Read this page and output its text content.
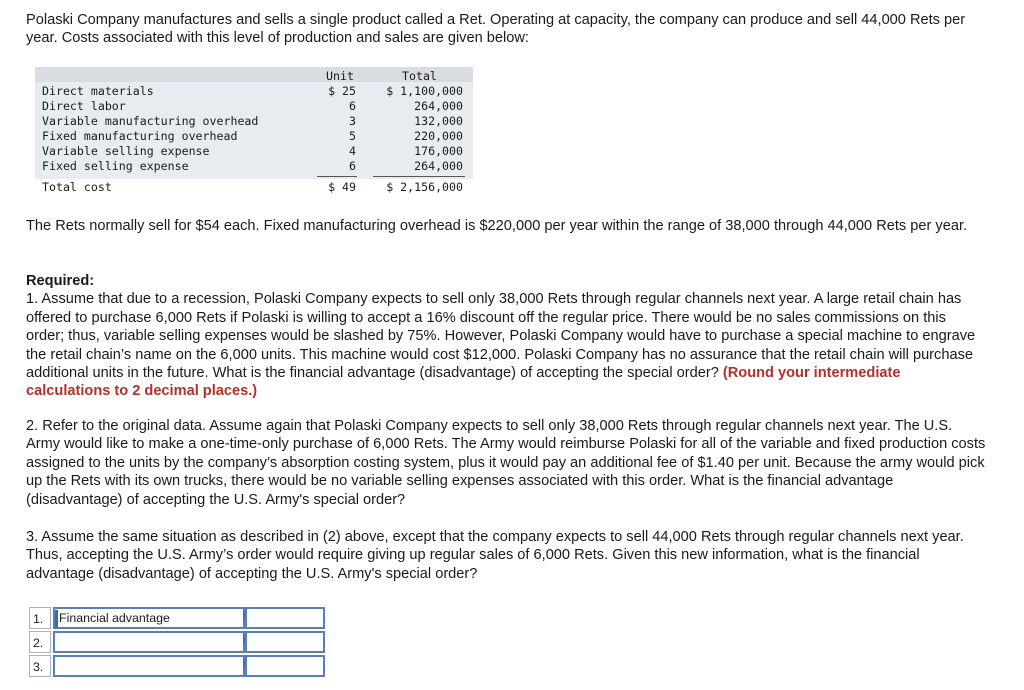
Polaski Company manufactures and sells a single product called a Ret. Operating at capacity, the company can produce and sell 44,000 Rets per year. Costs associated with this level of production and sales are given below:

Unit	Total
Direct materials	$ 25	$ 1,100,000
Direct labor	6	264,000
Variable manufacturing overhead	3	132,000
Fixed manufacturing overhead	5	220,000
Variable selling expense	4	176,000
Fixed selling expense	6	264,000
Total cost	$ 49	$ 2,156,000

The Rets normally sell for $54 each. Fixed manufacturing overhead is $220,000 per year within the range of 38,000 through 44,000 Rets per year.

Required:
1. Assume that due to a recession, Polaski Company expects to sell only 38,000 Rets through regular channels next year. A large retail chain has offered to purchase 6,000 Rets if Polaski is willing to accept a 16% discount off the regular price. There would be no sales commissions on this order; thus, variable selling expenses would be slashed by 75%. However, Polaski Company would have to purchase a special machine to engrave the retail chain’s name on the 6,000 units. This machine would cost $12,000. Polaski Company has no assurance that the retail chain will purchase additional units in the future. What is the financial advantage (disadvantage) of accepting the special order? (Round your intermediate calculations to 2 decimal places.)

2. Refer to the original data. Assume again that Polaski Company expects to sell only 38,000 Rets through regular channels next year. The U.S. Army would like to make a one-time-only purchase of 6,000 Rets. The Army would reimburse Polaski for all of the variable and fixed production costs assigned to the units by the company’s absorption costing system, plus it would pay an additional fee of $1.40 per unit. Because the army would pick up the Rets with its own trucks, there would be no variable selling expenses associated with this order. What is the financial advantage (disadvantage) of accepting the U.S. Army's special order?

3. Assume the same situation as described in (2) above, except that the company expects to sell 44,000 Rets through regular channels next year. Thus, accepting the U.S. Army’s order would require giving up regular sales of 6,000 Rets. Given this new information, what is the financial advantage (disadvantage) of accepting the U.S. Army's special order?

1.	Financial advantage
2.
3.
